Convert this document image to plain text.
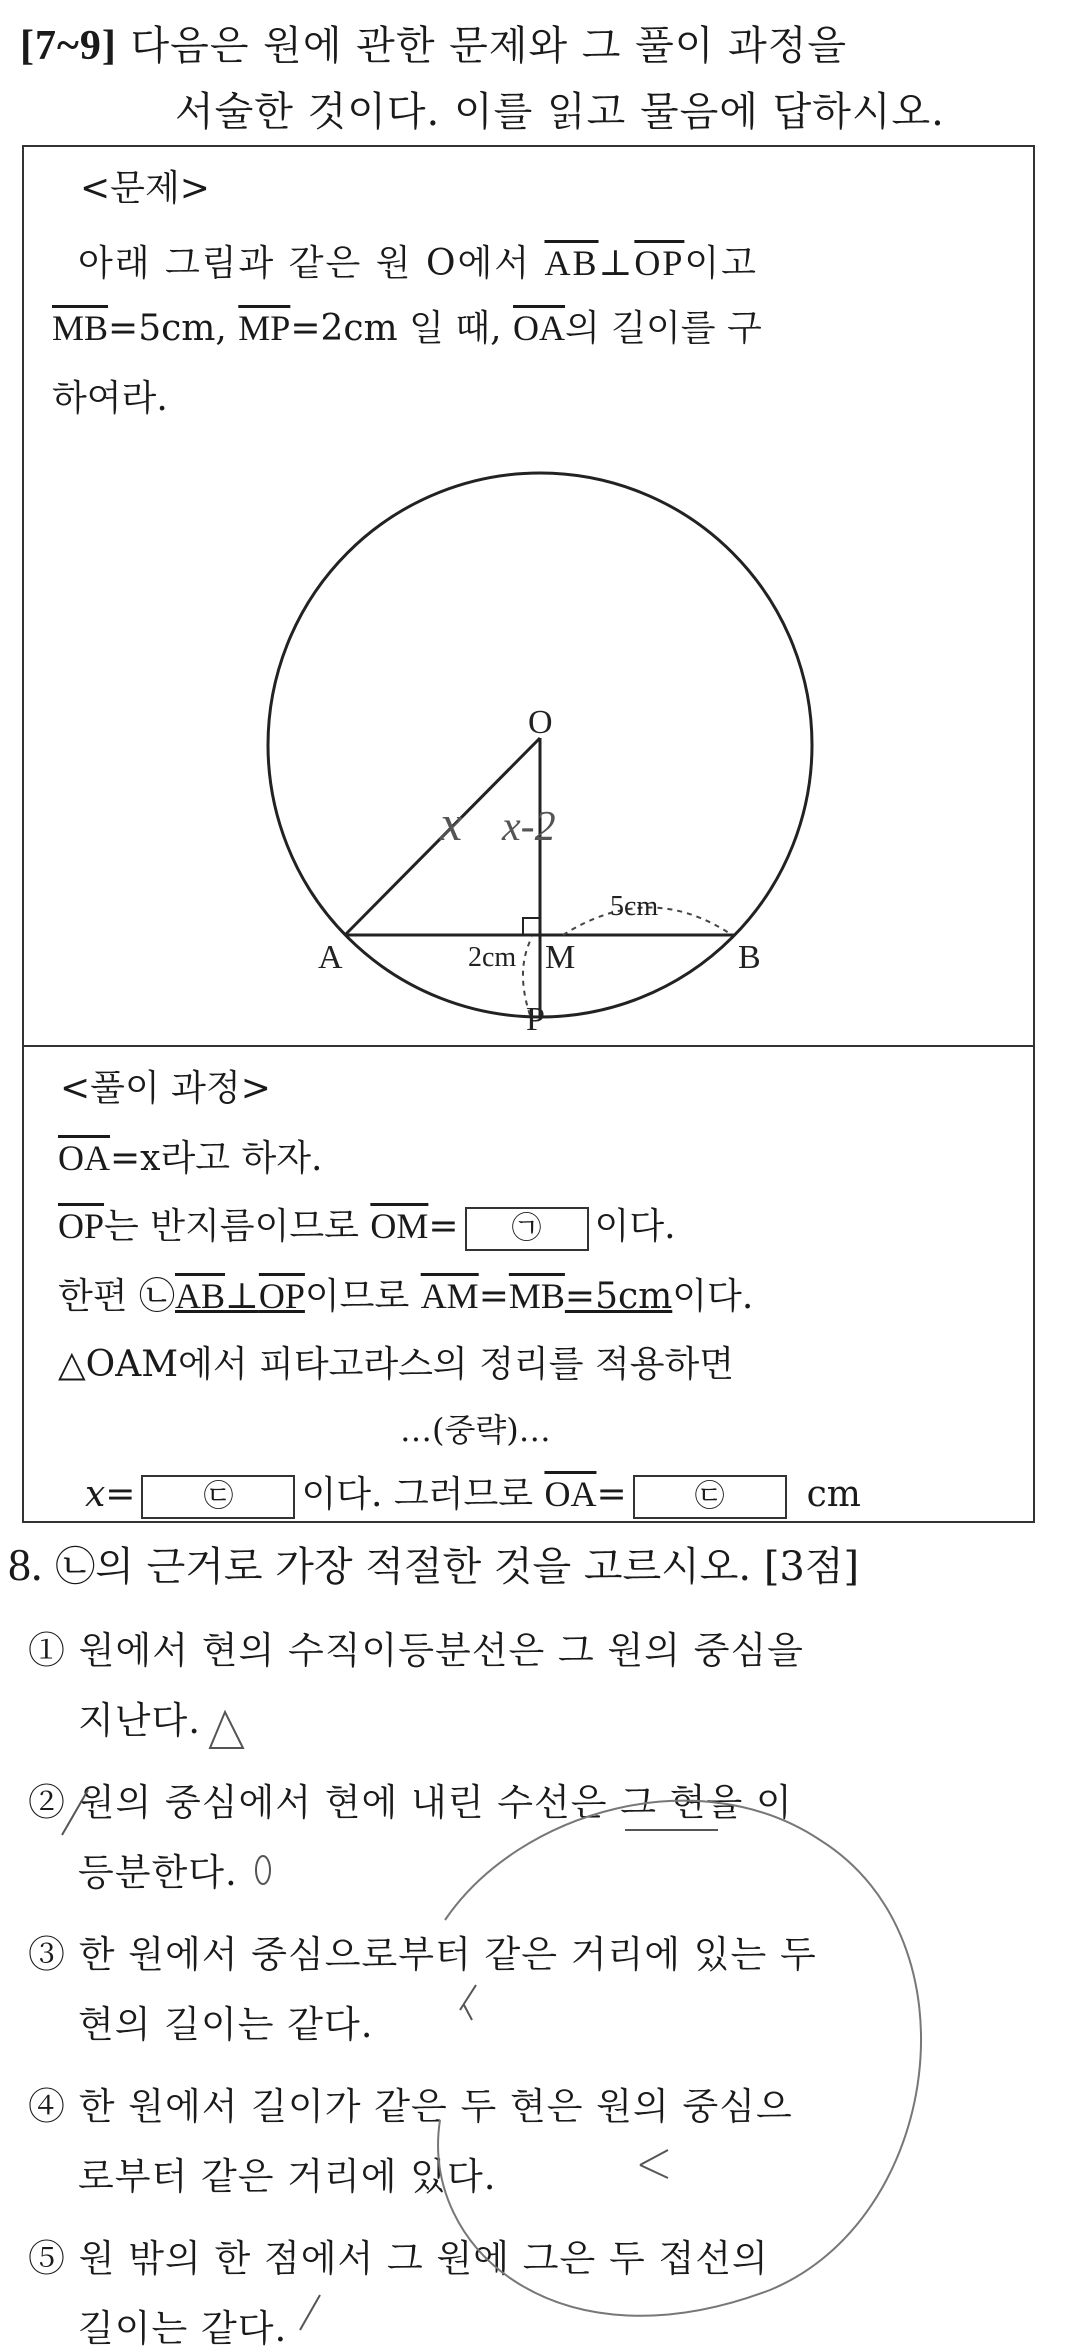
[7~9] 다음은 원에 관한 문제와 그 풀이 과정을
서술한 것이다. 이를 읽고 물음에 답하시오.
<문제>
아래 그림과 같은 원 O에서 $\overline{AB}\perp\overline{OP}$이고
$\overline{MB}=5cm$, $\overline{MP}=2cm$ 일 때, $\overline{OA}$의 길이를 구
하여라.
O
A	B
M
P
5cm
2cm
x x-2
<풀이 과정>
$\overline{OA}=x$라고 하자.
$\overline{OP}$는 반지름이므로 $\overline{OM}=$ ㉠ 이다.
한편 ㉡AB⊥OP이므로 $\overline{AM}=\overline{MB}=5cm$이다.
△OAM에서 피타고라스의 정리를 적용하면
…(중략)…
x= ㉢ 이다. 그러므로 $\overline{OA}=$ ㉢ cm
8. ㉡의 근거로 가장 적절한 것을 고르시오. [3점]
① 원에서 현의 수직이등분선은 그 원의 중심을
지난다.
② 원의 중심에서 현에 내린 수선은 그 현을 이
등분한다.
③ 한 원에서 중심으로부터 같은 거리에 있는 두
현의 길이는 같다.
④ 한 원에서 길이가 같은 두 현은 원의 중심으
로부터 같은 거리에 있다.
⑤ 원 밖의 한 점에서 그 원에 그은 두 접선의
길이는 같다.
